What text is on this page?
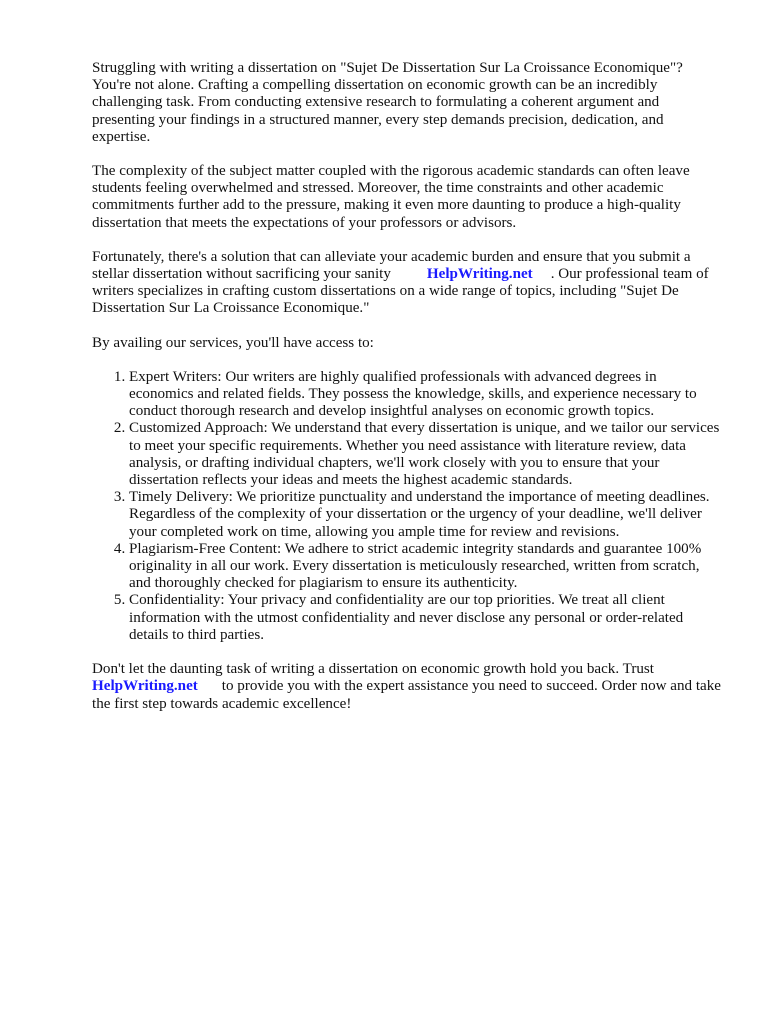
Struggling with writing a dissertation on "Sujet De Dissertation Sur La Croissance Economique"? You're not alone. Crafting a compelling dissertation on economic growth can be an incredibly challenging task. From conducting extensive research to formulating a coherent argument and presenting your findings in a structured manner, every step demands precision, dedication, and expertise.

The complexity of the subject matter coupled with the rigorous academic standards can often leave students feeling overwhelmed and stressed. Moreover, the time constraints and other academic commitments further add to the pressure, making it even more daunting to produce a high-quality dissertation that meets the expectations of your professors or advisors.

Fortunately, there's a solution that can alleviate your academic burden and ensure that you submit a stellar dissertation without sacrificing your sanity HelpWriting.net . Our professional team of writers specializes in crafting custom dissertations on a wide range of topics, including "Sujet De Dissertation Sur La Croissance Economique."

By availing our services, you'll have access to:

1. Expert Writers: Our writers are highly qualified professionals with advanced degrees in economics and related fields. They possess the knowledge, skills, and experience necessary to conduct thorough research and develop insightful analyses on economic growth topics.
2. Customized Approach: We understand that every dissertation is unique, and we tailor our services to meet your specific requirements. Whether you need assistance with literature review, data analysis, or drafting individual chapters, we'll work closely with you to ensure that your dissertation reflects your ideas and meets the highest academic standards.
3. Timely Delivery: We prioritize punctuality and understand the importance of meeting deadlines. Regardless of the complexity of your dissertation or the urgency of your deadline, we'll deliver your completed work on time, allowing you ample time for review and revisions.
4. Plagiarism-Free Content: We adhere to strict academic integrity standards and guarantee 100% originality in all our work. Every dissertation is meticulously researched, written from scratch, and thoroughly checked for plagiarism to ensure its authenticity.
5. Confidentiality: Your privacy and confidentiality are our top priorities. We treat all client information with the utmost confidentiality and never disclose any personal or order-related details to third parties.

Don't let the daunting task of writing a dissertation on economic growth hold you back. Trust
HelpWriting.net to provide you with the expert assistance you need to succeed. Order now and take the first step towards academic excellence!
